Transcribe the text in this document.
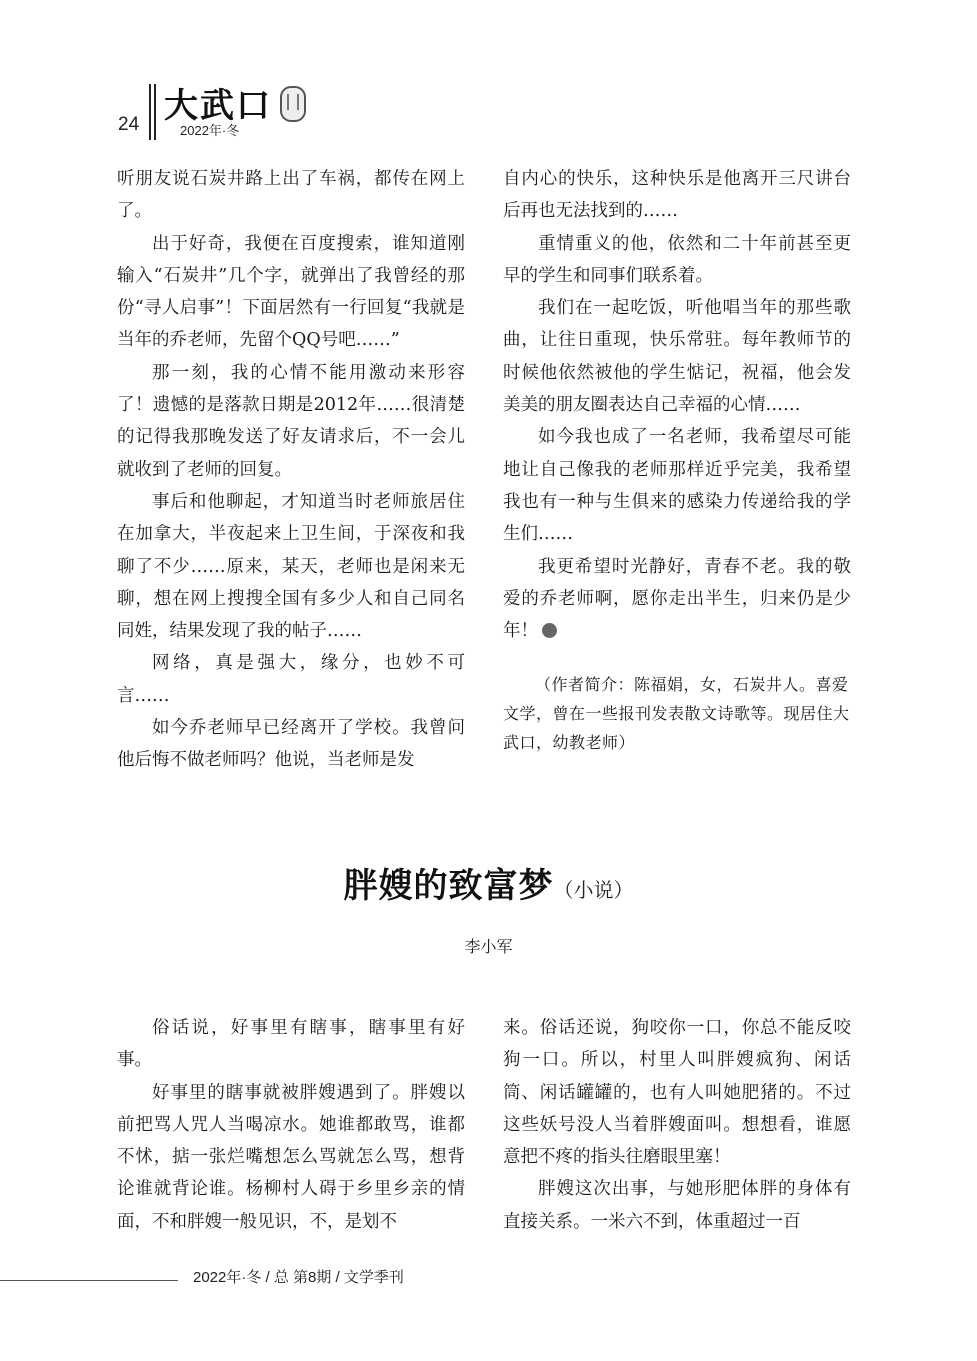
24 大武口
2022年·冬

听朋友说石炭井路上出了车祸，都传在网上了。

出于好奇，我便在百度搜索，谁知道刚输入“石炭井”几个字，就弹出了我曾经的那份“寻人启事”！下面居然有一行回复“我就是当年的乔老师，先留个QQ号吧……”

那一刻，我的心情不能用激动来形容了！遗憾的是落款日期是2012年……很清楚的记得我那晚发送了好友请求后，不一会儿就收到了老师的回复。

事后和他聊起，才知道当时老师旅居住在加拿大，半夜起来上卫生间，于深夜和我聊了不少……原来，某天，老师也是闲来无聊，想在网上搜搜全国有多少人和自己同名同姓，结果发现了我的帖子……

网络，真是强大，缘分，也妙不可言……

如今乔老师早已经离开了学校。我曾问他后悔不做老师吗？他说，当老师是发

自内心的快乐，这种快乐是他离开三尺讲台后再也无法找到的……

重情重义的他，依然和二十年前甚至更早的学生和同事们联系着。

我们在一起吃饭，听他唱当年的那些歌曲，让往日重现，快乐常驻。每年教师节的时候他依然被他的学生惦记，祝福，他会发美美的朋友圈表达自己幸福的心情……

如今我也成了一名老师，我希望尽可能地让自己像我的老师那样近乎完美，我希望我也有一种与生俱来的感染力传递给我的学生们……

我更希望时光静好，青春不老。我的敬爱的乔老师啊，愿你走出半生，归来仍是少年！

（作者简介：陈福娟，女，石炭井人。喜爱文学，曾在一些报刊发表散文诗歌等。现居住大武口，幼教老师）
胖嫂的致富梦（小说）
李小军

俗话说，好事里有瞎事，瞎事里有好事。

好事里的瞎事就被胖嫂遇到了。胖嫂以前把骂人咒人当喝凉水。她谁都敢骂，谁都不怵，掂一张烂嘴想怎么骂就怎么骂，想背论谁就背论谁。杨柳村人碍于乡里乡亲的情面，不和胖嫂一般见识，不，是划不

来。俗话还说，狗咬你一口，你总不能反咬狗一口。所以，村里人叫胖嫂疯狗、闲话筒、闲话罐罐的，也有人叫她肥猪的。不过这些妖号没人当着胖嫂面叫。想想看，谁愿意把不疼的指头往磨眼里塞！

胖嫂这次出事，与她形肥体胖的身体有直接关系。一米六不到，体重超过一百

2022年·冬 / 总 第8期 / 文学季刊
